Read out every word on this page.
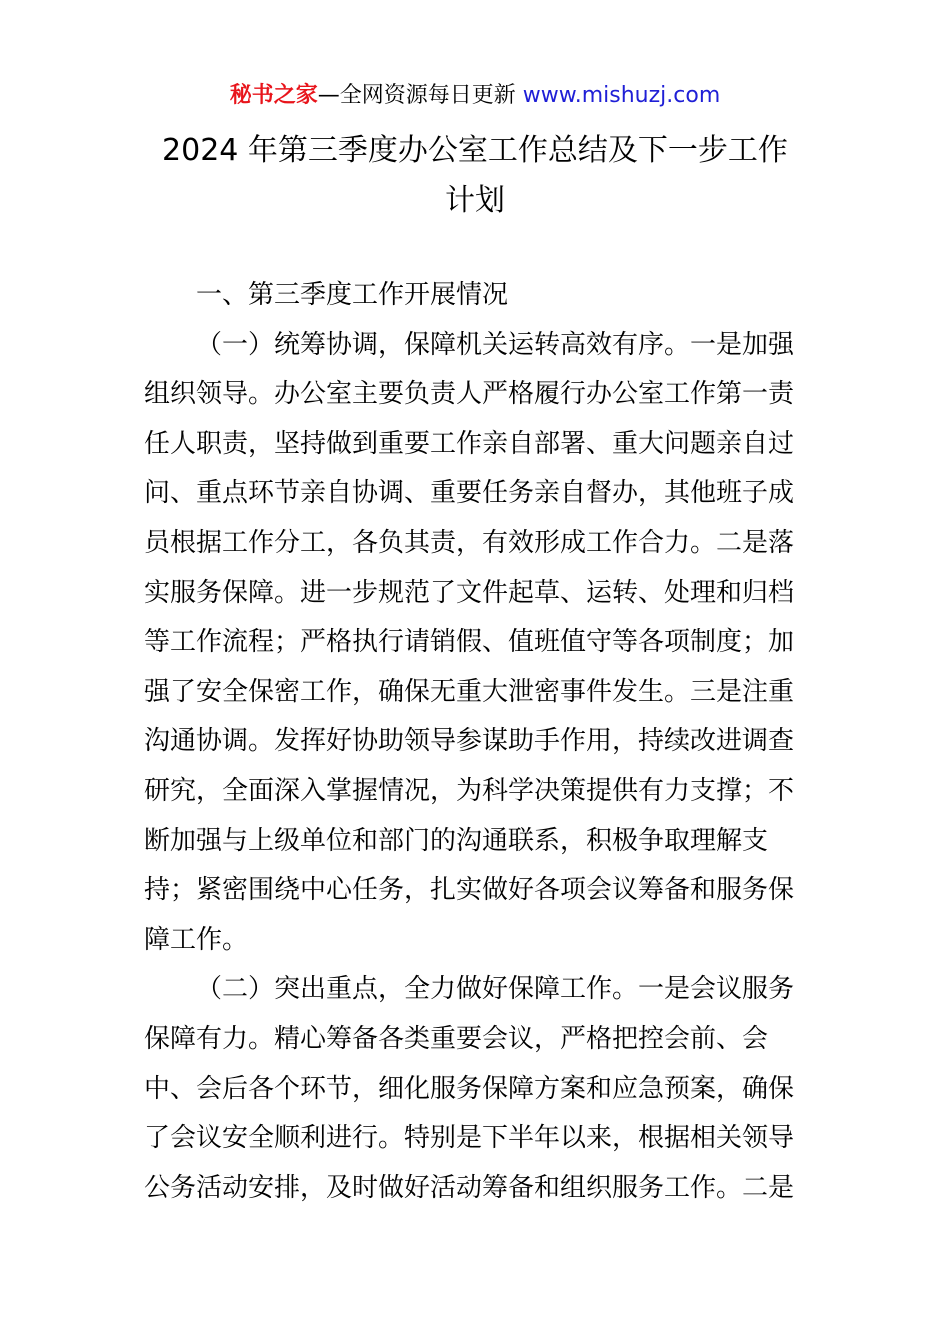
秘书之家—全网资源每日更新 www.mishuzj.com
2024 年第三季度办公室工作总结及下一步工作
计划
一、第三季度工作开展情况
（一）统筹协调，保障机关运转高效有序。一是加强
组织领导。办公室主要负责人严格履行办公室工作第一责
任人职责，坚持做到重要工作亲自部署、重大问题亲自过
问、重点环节亲自协调、重要任务亲自督办，其他班子成
员根据工作分工，各负其责，有效形成工作合力。二是落
实服务保障。进一步规范了文件起草、运转、处理和归档
等工作流程；严格执行请销假、值班值守等各项制度；加
强了安全保密工作，确保无重大泄密事件发生。三是注重
沟通协调。发挥好协助领导参谋助手作用，持续改进调查
研究，全面深入掌握情况，为科学决策提供有力支撑；不
断加强与上级单位和部门的沟通联系，积极争取理解支
持；紧密围绕中心任务，扎实做好各项会议筹备和服务保
障工作。
（二）突出重点，全力做好保障工作。一是会议服务
保障有力。精心筹备各类重要会议，严格把控会前、会
中、会后各个环节，细化服务保障方案和应急预案，确保
了会议安全顺利进行。特别是下半年以来，根据相关领导
公务活动安排，及时做好活动筹备和组织服务工作。二是
